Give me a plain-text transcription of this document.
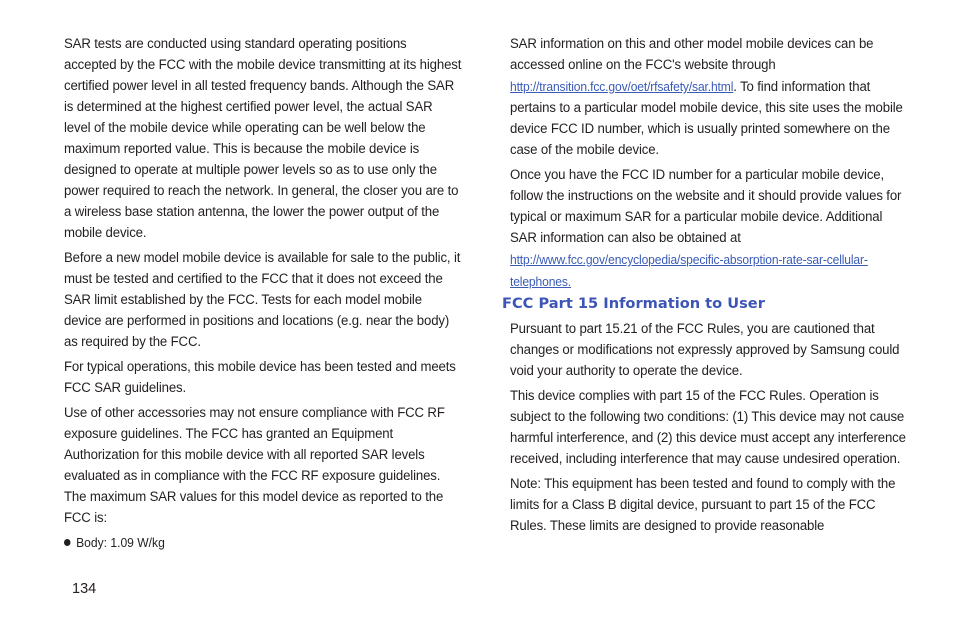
SAR tests are conducted using standard operating positions accepted by the FCC with the mobile device transmitting at its highest certified power level in all tested frequency bands. Although the SAR is determined at the highest certified power level, the actual SAR level of the mobile device while operating can be well below the maximum reported value. This is because the mobile device is designed to operate at multiple power levels so as to use only the power required to reach the network. In general, the closer you are to a wireless base station antenna, the lower the power output of the mobile device.

Before a new model mobile device is available for sale to the public, it must be tested and certified to the FCC that it does not exceed the SAR limit established by the FCC. Tests for each model mobile device are performed in positions and locations (e.g. near the body) as required by the FCC.

For typical operations, this mobile device has been tested and meets FCC SAR guidelines.

Use of other accessories may not ensure compliance with FCC RF exposure guidelines. The FCC has granted an Equipment Authorization for this mobile device with all reported SAR levels evaluated as in compliance with the FCC RF exposure guidelines. The maximum SAR values for this model device as reported to the FCC is:

Body: 1.09 W/kg

SAR information on this and other model mobile devices can be accessed online on the FCC's website through http://transition.fcc.gov/oet/rfsafety/sar.html. To find information that pertains to a particular model mobile device, this site uses the mobile device FCC ID number, which is usually printed somewhere on the case of the mobile device.

Once you have the FCC ID number for a particular mobile device, follow the instructions on the website and it should provide values for typical or maximum SAR for a particular mobile device. Additional SAR information can also be obtained at http://www.fcc.gov/encyclopedia/specific-absorption-rate-sar-cellular-telephones.

FCC Part 15 Information to User

Pursuant to part 15.21 of the FCC Rules, you are cautioned that changes or modifications not expressly approved by Samsung could void your authority to operate the device.

This device complies with part 15 of the FCC Rules. Operation is subject to the following two conditions: (1) This device may not cause harmful interference, and (2) this device must accept any interference received, including interference that may cause undesired operation.

Note: This equipment has been tested and found to comply with the limits for a Class B digital device, pursuant to part 15 of the FCC Rules. These limits are designed to provide reasonable

134
